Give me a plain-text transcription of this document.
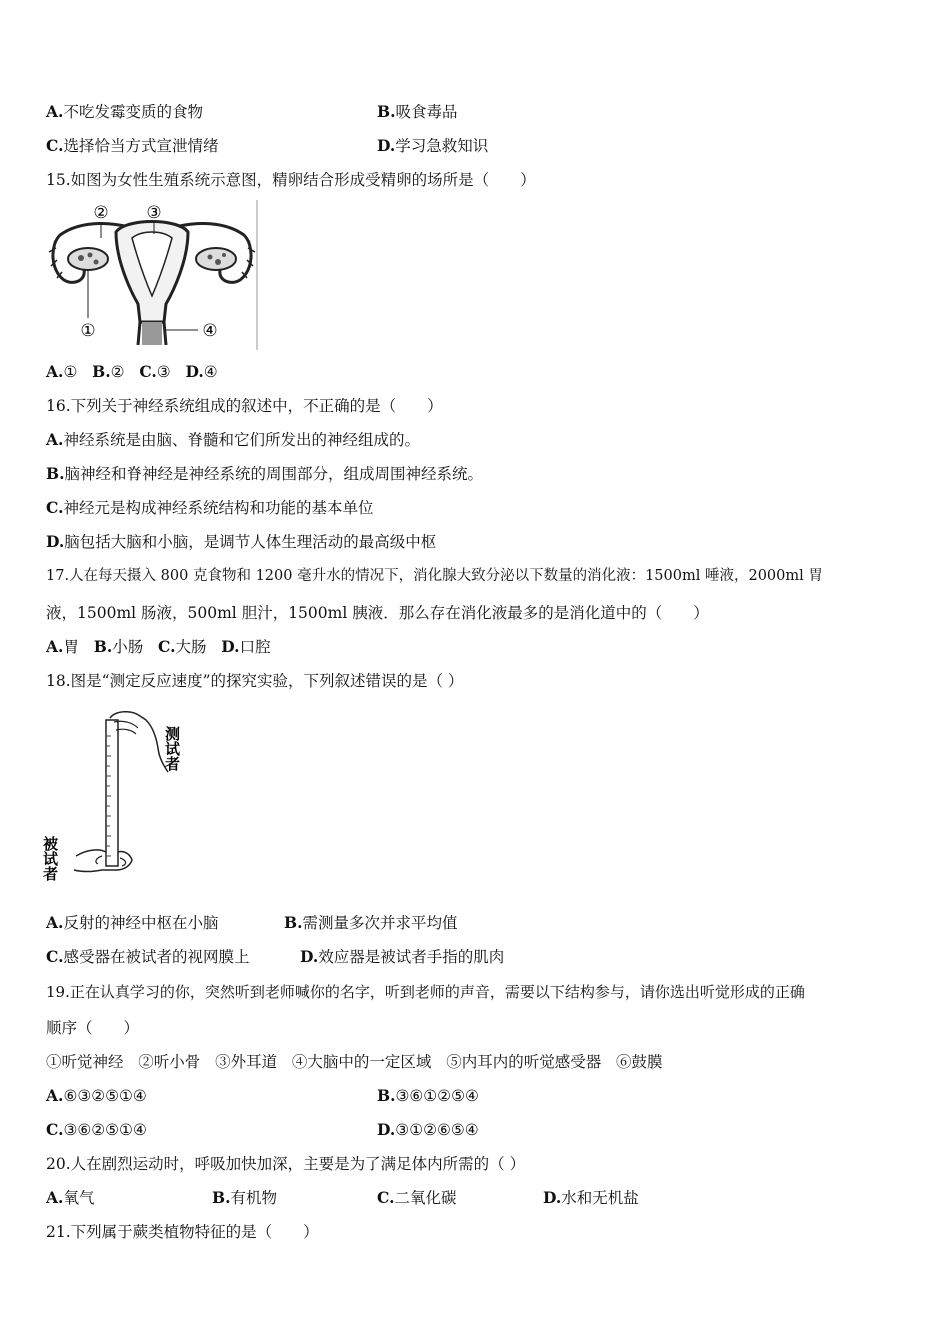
A.不吃发霉变质的食物	B.吸食毒品
C.选择恰当方式宣泄情绪	D.学习急救知识
15.如图为女性生殖系统示意图，精卵结合形成受精卵的场所是（　　）
② ③
①	④
A.① B.② C.③ D.④
16.下列关于神经系统组成的叙述中，不正确的是（　　）
A.神经系统是由脑、脊髓和它们所发出的神经组成的。
B.脑神经和脊神经是神经系统的周围部分，组成周围神经系统。
C.神经元是构成神经系统结构和功能的基本单位
D.脑包括大脑和小脑，是调节人体生理活动的最高级中枢
17.人在每天摄入 800 克食物和 1200 毫升水的情况下，消化腺大致分泌以下数量的消化液：1500ml 唾液，2000ml 胃
液，1500ml 肠液，500ml 胆汁，1500ml 胰液．那么存在消化液最多的是消化道中的（　　）
A.胃 B.小肠 C.大肠 D.口腔
18.图是“测定反应速度”的探究实验，下列叙述错误的是（ ）
测试者
被试者
A.反射的神经中枢在小脑	B.需测量多次并求平均值
C.感受器在被试者的视网膜上	D.效应器是被试者手指的肌肉
19.正在认真学习的你，突然听到老师喊你的名字，听到老师的声音，需要以下结构参与，请你选出听觉形成的正确
顺序（　　）
①听觉神经 ②听小骨 ③外耳道 ④大脑中的一定区域 ⑤内耳内的听觉感受器 ⑥鼓膜
A.⑥③②⑤①④	B.③⑥①②⑤④
C.③⑥②⑤①④	D.③①②⑥⑤④
20.人在剧烈运动时，呼吸加快加深，主要是为了满足体内所需的（ ）
A.氧气	B.有机物	C.二氧化碳	D.水和无机盐
21.下列属于蕨类植物特征的是（　　）
